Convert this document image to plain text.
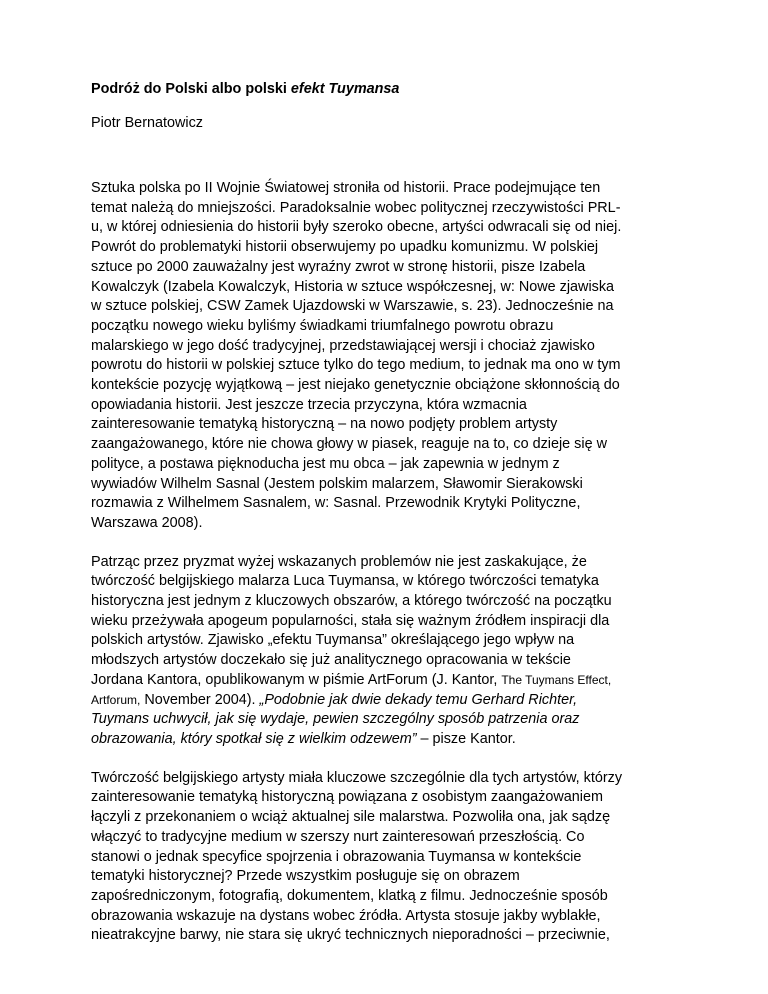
Podróż do Polski albo polski efekt Tuymansa

Piotr Bernatowicz

Sztuka polska po II Wojnie Światowej stroniła od historii. Prace podejmujące ten
temat należą do mniejszości. Paradoksalnie wobec politycznej rzeczywistości PRL-
u, w której odniesienia do historii były szeroko obecne, artyści odwracali się od niej.
Powrót do problematyki historii obserwujemy po upadku komunizmu. W polskiej
sztuce po 2000 zauważalny jest wyraźny zwrot w stronę historii, pisze Izabela
Kowalczyk (Izabela Kowalczyk, Historia w sztuce współczesnej, w: Nowe zjawiska
w sztuce polskiej, CSW Zamek Ujazdowski w Warszawie, s. 23). Jednocześnie na
początku nowego wieku byliśmy świadkami triumfalnego powrotu obrazu
malarskiego w jego dość tradycyjnej, przedstawiającej wersji i chociaż zjawisko
powrotu do historii w polskiej sztuce tylko do tego medium, to jednak ma ono w tym
kontekście pozycję wyjątkową – jest niejako genetycznie obciążone skłonnością do
opowiadania historii. Jest jeszcze trzecia przyczyna, która wzmacnia
zainteresowanie tematyką historyczną – na nowo podjęty problem artysty
zaangażowanego, które nie chowa głowy w piasek, reaguje na to, co dzieje się w
polityce, a postawa pięknoducha jest mu obca – jak zapewnia w jednym z
wywiadów Wilhelm Sasnal (Jestem polskim malarzem, Sławomir Sierakowski
rozmawia z Wilhelmem Sasnalem, w: Sasnal. Przewodnik Krytyki Polityczne,
Warszawa 2008).

Patrząc przez pryzmat wyżej wskazanych problemów nie jest zaskakujące, że
twórczość belgijskiego malarza Luca Tuymansa, w którego twórczości tematyka
historyczna jest jednym z kluczowych obszarów, a którego twórczość na początku
wieku przeżywała apogeum popularności, stała się ważnym źródłem inspiracji dla
polskich artystów. Zjawisko „efektu Tuymansa” określającego jego wpływ na
młodszych artystów doczekało się już analitycznego opracowania w tekście
Jordana Kantora, opublikowanym w piśmie ArtForum (J. Kantor, The Tuymans Effect,
Artforum, November 2004). „Podobnie jak dwie dekady temu Gerhard Richter,
Tuymans uchwycił, jak się wydaje, pewien szczególny sposób patrzenia oraz
obrazowania, który spotkał się z wielkim odzewem” – pisze Kantor.

Twórczość belgijskiego artysty miała kluczowe szczególnie dla tych artystów, którzy
zainteresowanie tematyką historyczną powiązana z osobistym zaangażowaniem
łączyli z przekonaniem o wciąż aktualnej sile malarstwa. Pozwoliła ona, jak sądzę
włączyć to tradycyjne medium w szerszy nurt zainteresowań przeszłością. Co
stanowi o jednak specyfice spojrzenia i obrazowania Tuymansa w kontekście
tematyki historycznej? Przede wszystkim posługuje się on obrazem
zapośredniczonym, fotografią, dokumentem, klatką z filmu. Jednocześnie sposób
obrazowania wskazuje na dystans wobec źródła. Artysta stosuje jakby wyblakłe,
nieatrakcyjne barwy, nie stara się ukryć technicznych nieporadności – przeciwnie,
